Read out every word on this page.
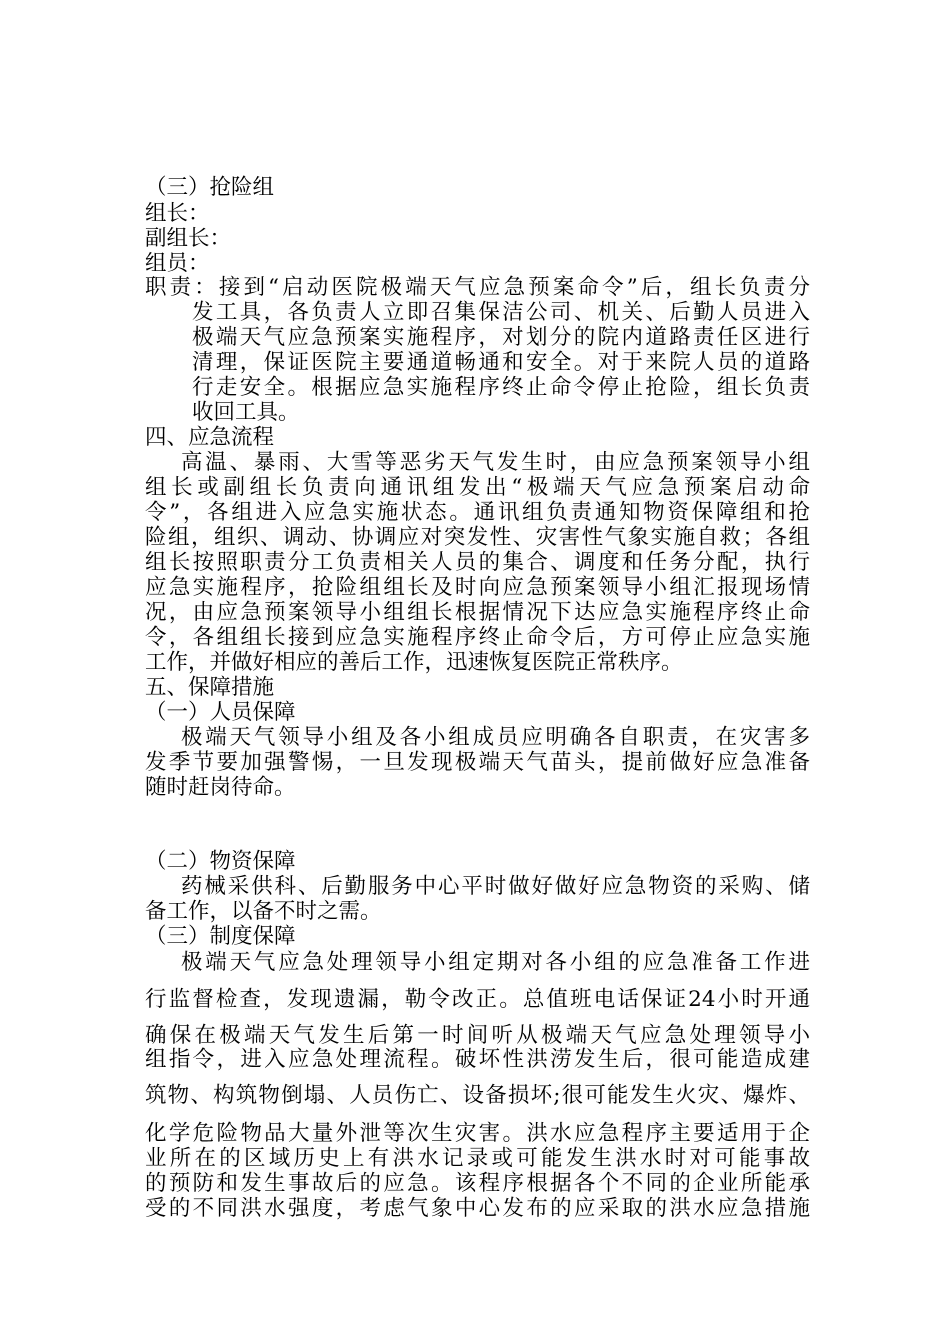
（三）抢险组
组长：
副组长：
组员：
职责：接到“启动医院极端天气应急预案命令”后，组长负责分
发工具，各负责人立即召集保洁公司、机关、后勤人员进入
极端天气应急预案实施程序，对划分的院内道路责任区进行
清理，保证医院主要通道畅通和安全。对于来院人员的道路
行走安全。根据应急实施程序终止命令停止抢险，组长负责
收回工具。
四、应急流程
高温、暴雨、大雪等恶劣天气发生时，由应急预案领导小组
组长或副组长负责向通讯组发出“极端天气应急预案启动命
令”，各组进入应急实施状态。通讯组负责通知物资保障组和抢
险组，组织、调动、协调应对突发性、灾害性气象实施自救；各组
组长按照职责分工负责相关人员的集合、调度和任务分配，执行
应急实施程序，抢险组组长及时向应急预案领导小组汇报现场情
况，由应急预案领导小组组长根据情况下达应急实施程序终止命
令，各组组长接到应急实施程序终止命令后，方可停止应急实施
工作，并做好相应的善后工作，迅速恢复医院正常秩序。
五、保障措施
（一）人员保障
极端天气领导小组及各小组成员应明确各自职责，在灾害多
发季节要加强警惕，一旦发现极端天气苗头，提前做好应急准备
随时赶岗待命。
（二）物资保障
药械采供科、后勤服务中心平时做好做好应急物资的采购、储
备工作，以备不时之需。
（三）制度保障
极端天气应急处理领导小组定期对各小组的应急准备工作进
行监督检查，发现遗漏，勒令改正。总值班电话保证24小时开通
确保在极端天气发生后第一时间听从极端天气应急处理领导小
组指令，进入应急处理流程。破坏性洪涝发生后，很可能造成建
筑物、构筑物倒塌、人员伤亡、设备损坏;很可能发生火灾、爆炸、
化学危险物品大量外泄等次生灾害。洪水应急程序主要适用于企
业所在的区域历史上有洪水记录或可能发生洪水时对可能事故
的预防和发生事故后的应急。该程序根据各个不同的企业所能承
受的不同洪水强度，考虑气象中心发布的应采取的洪水应急措施
